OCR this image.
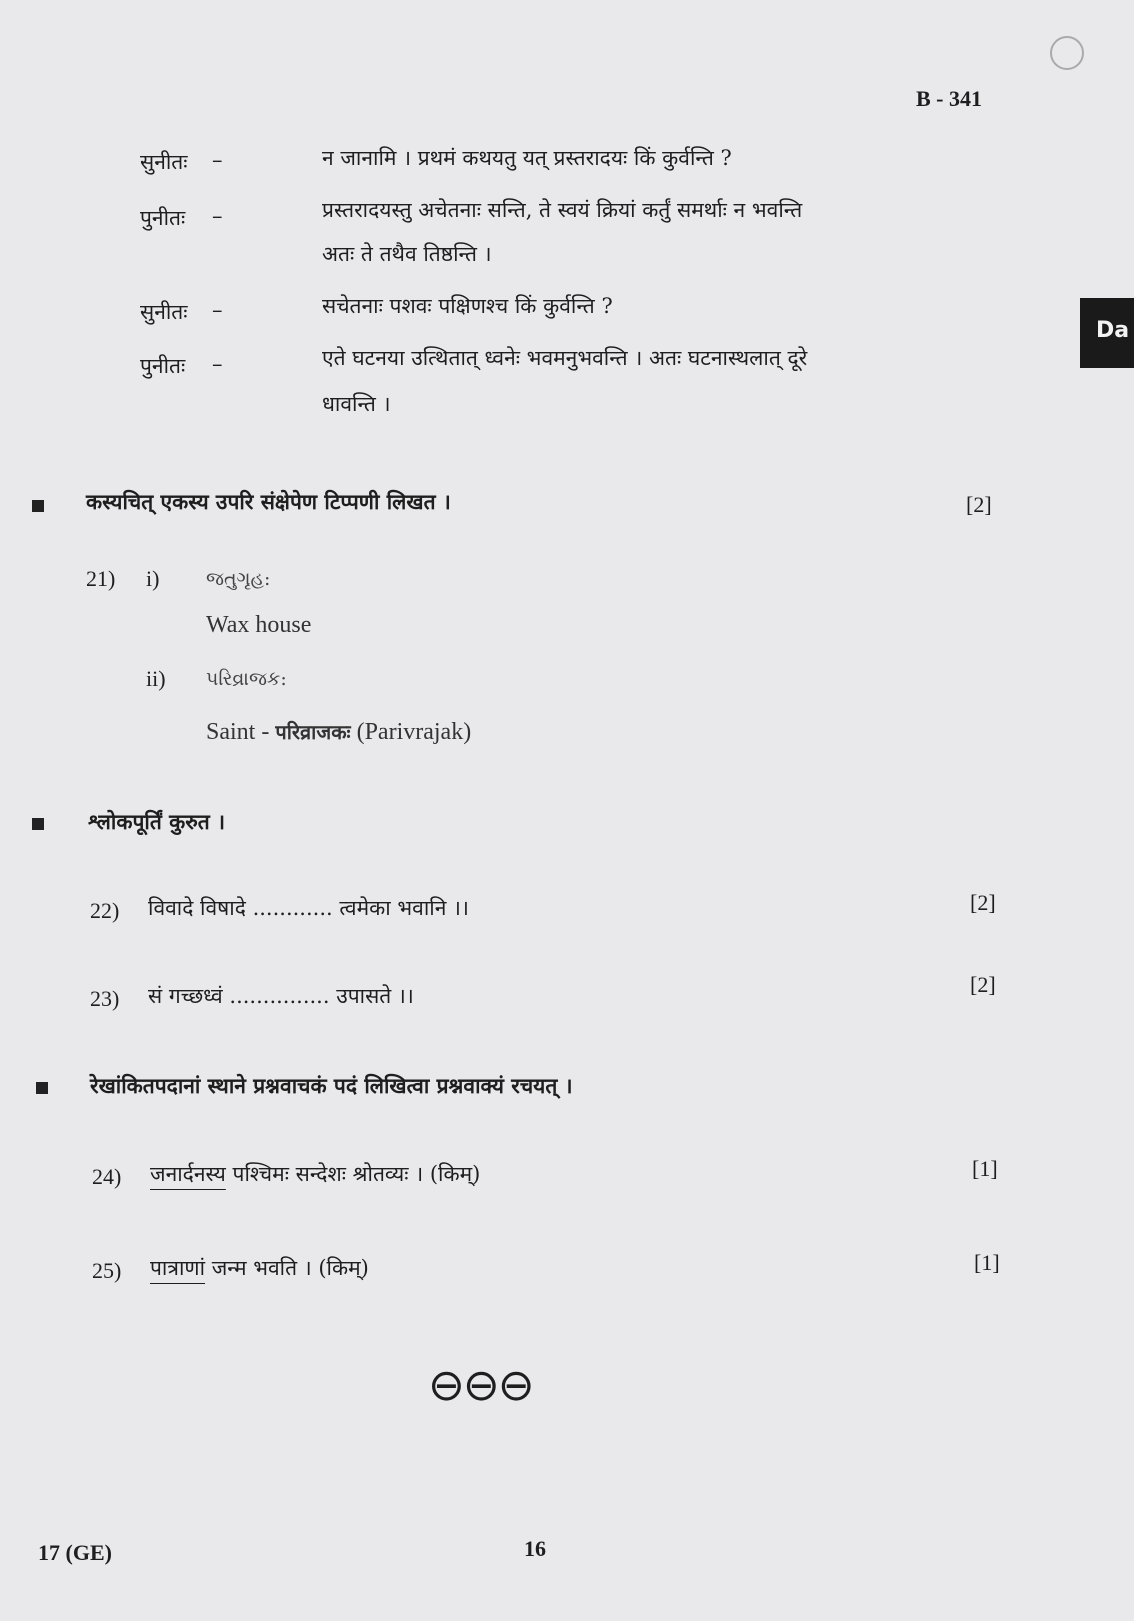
B - 341
Da
सुनीतः –	न जानामि । प्रथमं कथयतु यत् प्रस्तरादयः किं कुर्वन्ति ?
पुनीतः –	प्रस्तरादयस्तु अचेतनाः सन्ति, ते स्वयं क्रियां कर्तुं समर्थाः न भवन्ति
अतः ते तथैव तिष्ठन्ति ।
सुनीतः –	सचेतनाः पशवः पक्षिणश्च किं कुर्वन्ति ?
पुनीतः –	एते घटनया उत्थितात् ध्वनेः भवमनुभवन्ति । अतः घटनास्थलात् दूरे
धावन्ति ।
कस्यचित् एकस्य उपरि संक्षेपेण टिप्पणी लिखत ।	[2]
21) i) જતુગૃહ:
Wax house
ii) પરિવ્રાજક:
Saint - परिव्राजकः (Parivrajak)
श्लोकपूर्तिं कुरुत ।
22) विवादे विषादे ............ त्वमेका भवानि ।।	[2]
23) सं गच्छध्वं ............... उपासते ।।	[2]
रेखांकितपदानां स्थाने प्रश्नवाचकं पदं लिखित्वा प्रश्नवाक्यं रचयत् ।
24) जनार्दनस्य पश्चिमः सन्देशः श्रोतव्यः । (किम्)	[1]
25) पात्राणां जन्म भवति । (किम्)	[1]
⊖⊖⊖
17 (GE)	16
